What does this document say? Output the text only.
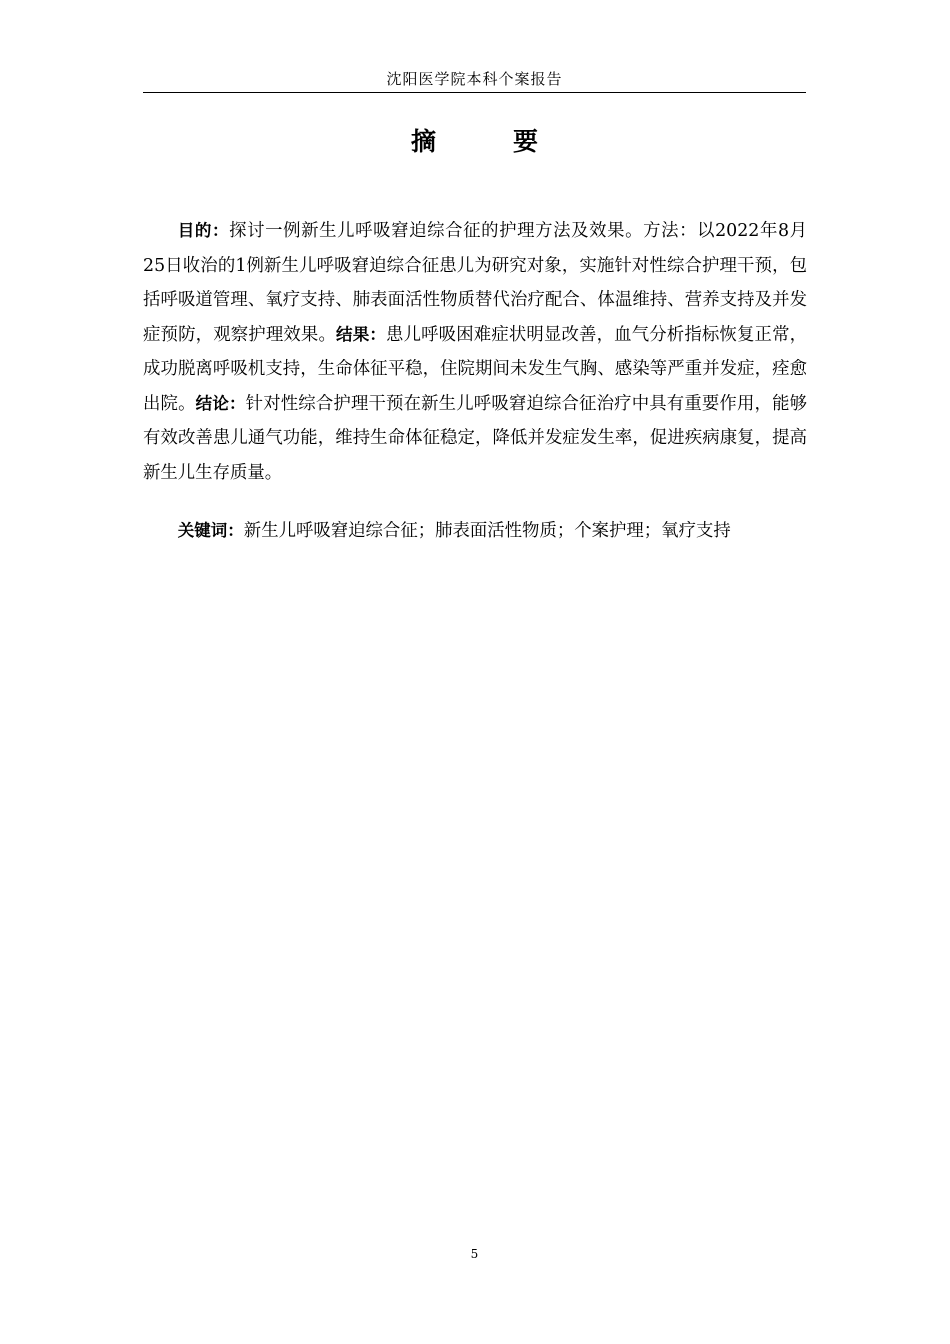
沈阳医学院本科个案报告
摘　要

目的：探讨一例新生儿呼吸窘迫综合征的护理方法及效果。方法：以2022年8月25日收治的1例新生儿呼吸窘迫综合征患儿为研究对象，实施针对性综合护理干预，包括呼吸道管理、氧疗支持、肺表面活性物质替代治疗配合、体温维持、营养支持及并发症预防，观察护理效果。结果：患儿呼吸困难症状明显改善，血气分析指标恢复正常，成功脱离呼吸机支持，生命体征平稳，住院期间未发生气胸、感染等严重并发症，痊愈出院。结论：针对性综合护理干预在新生儿呼吸窘迫综合征治疗中具有重要作用，能够有效改善患儿通气功能，维持生命体征稳定，降低并发症发生率，促进疾病康复，提高新生儿生存质量。

关键词：新生儿呼吸窘迫综合征；肺表面活性物质；个案护理；氧疗支持

5
